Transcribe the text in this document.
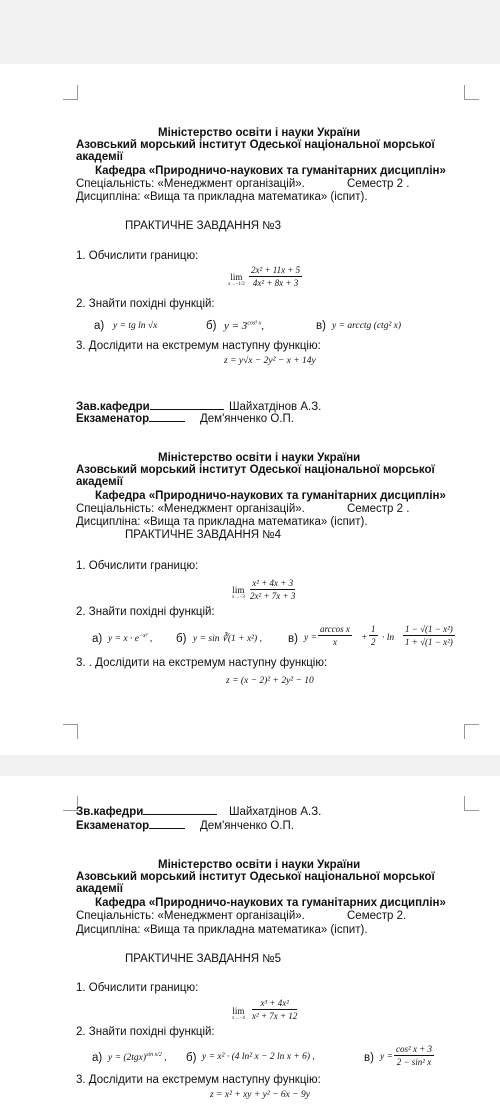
Міністерство освіти і науки України
Азовський морський інститут Одеської національної морської
академії
Кафедра «Природничо-наукових та гуманітарних дисциплін»
Спеціальність: «Менеджмент організацій».	Семестр 2 .
Дисципліна: «Вища та прикладна математика» (іспит).
ПРАКТИЧНЕ ЗАВДАННЯ №3
1. Обчислити границю:
lim
$x\to-1/2 \frac{\text{2x² + 11x + 5}}{\text{4x² + 8x + 3}}$
2. Знайти похідні функцій:
а) y = tg ln √x	б) $y = 3^{cos^2 x}$,	в) y = arcctg (ctg² x)
3. Дослідити на екстремум наступну функцію:
z = y√x − 2y² − x + 14y
Зав.кафедри	Шайхатдінов А.З.
Екзаменатор	Дем'янченко О.П.
Міністерство освіти і науки України
Азовський морський інститут Одеської національної морської
академії
Кафедра «Природничо-наукових та гуманітарних дисциплін»
Спеціальність: «Менеджмент організацій».	Семестр 2 .
Дисципліна: «Вища та прикладна математика» (іспит).
ПРАКТИЧНЕ ЗАВДАННЯ №4
1. Обчислити границю:
lim
$x\to-3 \frac{\text{x² + 4x + 3}}{\text{2x² + 7x + 3}}$
2. Знайти похідні функцій:
а) $y = x \cdot e^{-x^2}$ , б) y = sin ∛(1 + x²) , в) $y = \frac{\text{arccos x}}{x} + \frac{1}{2} \cdot \ln \frac{\text{1 − √(1 − x²)}}{\text{1 + √(1 − x²)}}$
3. . Дослідити на екстремум наступну функцію:
z = (x − 2)² + 2y² − 10
Зв.кафедри	Шайхатдінов А.З.
Екзаменатор	Дем'янченко О.П.
Міністерство освіти і науки України
Азовський морський інститут Одеської національної морської
академії
Кафедра «Природничо-наукових та гуманітарних дисциплін»
Спеціальність: «Менеджмент організацій».	Семестр 2.
Дисципліна: «Вища та прикладна математика» (іспит).
ПРАКТИЧНЕ ЗАВДАННЯ №5
1. Обчислити границю:
lim
$x\to-4 \frac{\text{x³ + 4x²}}{\text{x² + 7x + 12}}$
2. Знайти похідні функцій:
а) $y = (2tgx)^{sin x/2}$ , б) y = x² · (4 ln² x − 2 ln x + 6) ,	в) $y = \frac{\text{cos² x + 3}}{\text{2 − sin² x}}$
3. Дослідити на екстремум наступну функцію:
z = x² + xy + y² − 6x − 9y
